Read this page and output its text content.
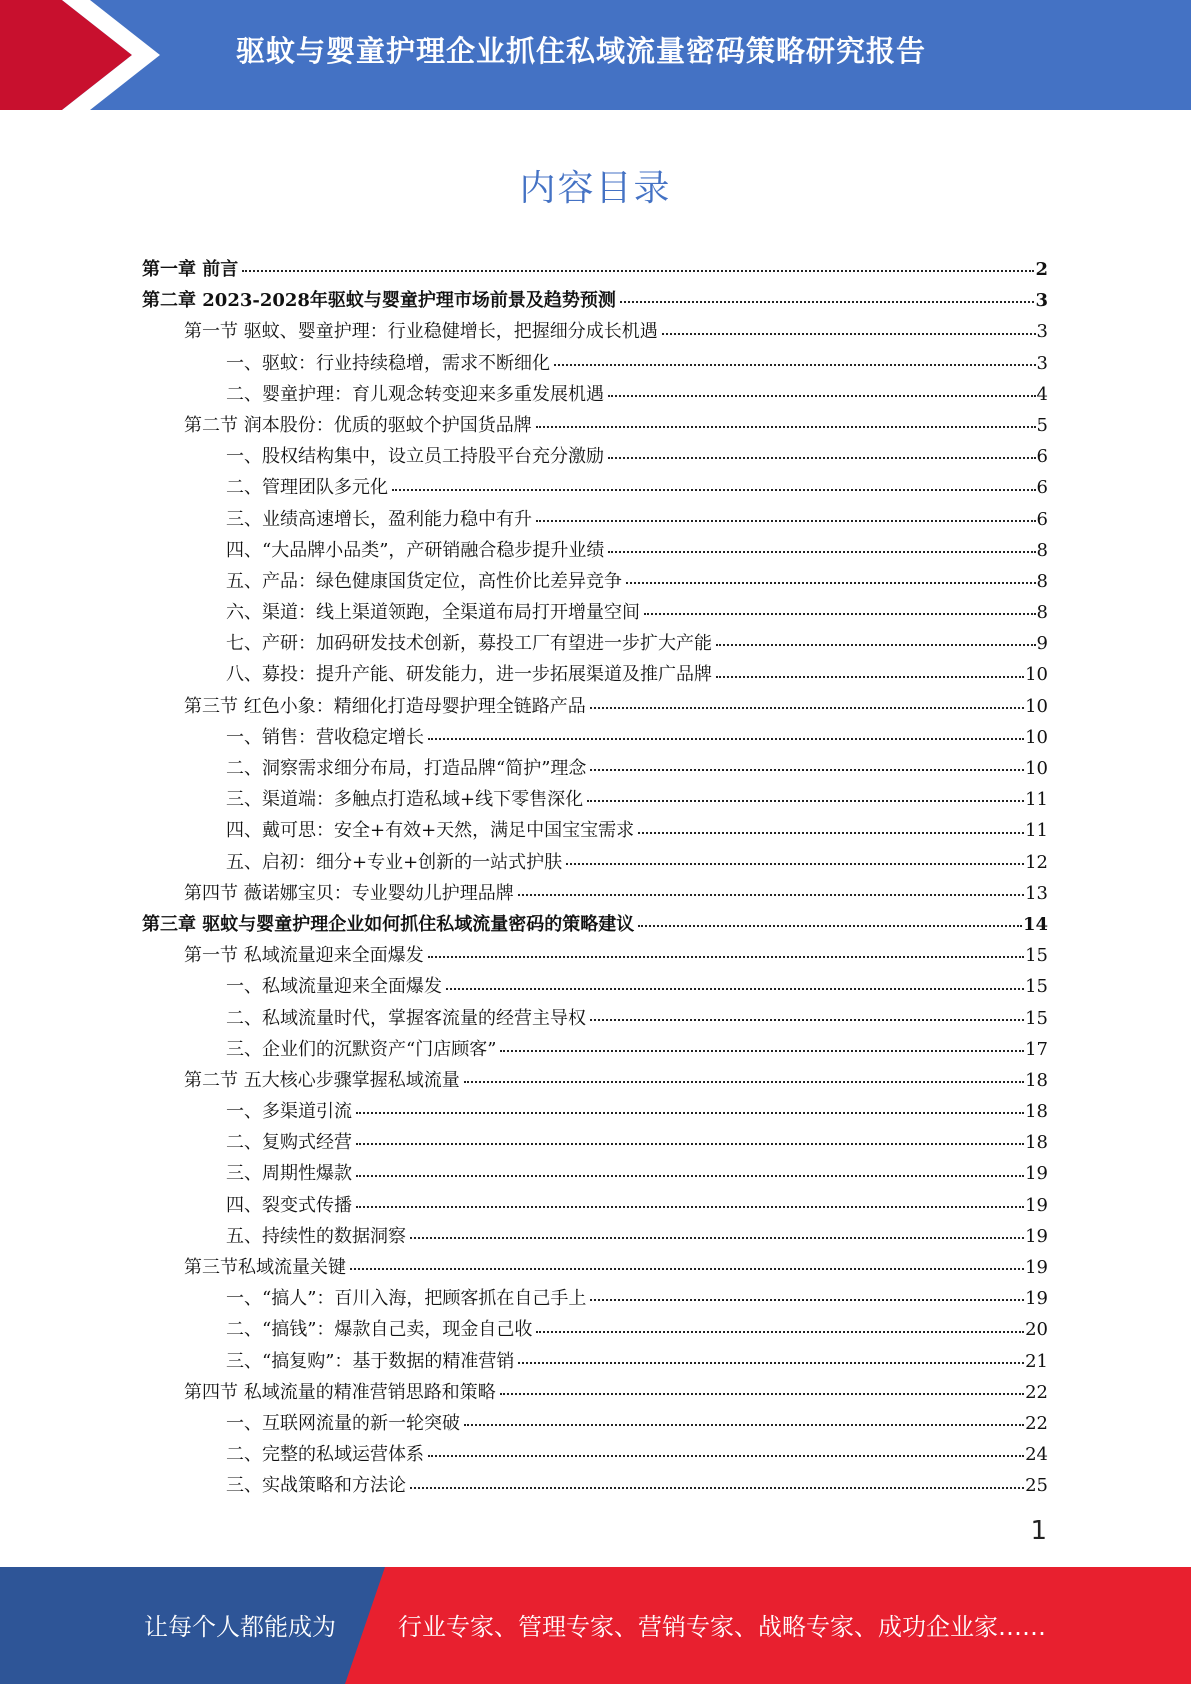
驱蚊与婴童护理企业抓住私域流量密码策略研究报告
内容目录
第一章 前言	2
第二章 2023-2028年驱蚊与婴童护理市场前景及趋势预测	3
第一节 驱蚊、婴童护理：行业稳健增长，把握细分成长机遇	3
一、驱蚊：行业持续稳增，需求不断细化	3
二、婴童护理：育儿观念转变迎来多重发展机遇	4
第二节 润本股份：优质的驱蚊个护国货品牌	5
一、股权结构集中，设立员工持股平台充分激励	6
二、管理团队多元化	6
三、业绩高速增长，盈利能力稳中有升	6
四、“大品牌小品类”，产研销融合稳步提升业绩	8
五、产品：绿色健康国货定位，高性价比差异竞争	8
六、渠道：线上渠道领跑，全渠道布局打开增量空间	8
七、产研：加码研发技术创新，募投工厂有望进一步扩大产能	9
八、募投：提升产能、研发能力，进一步拓展渠道及推广品牌	10
第三节 红色小象：精细化打造母婴护理全链路产品	10
一、销售：营收稳定增长	10
二、洞察需求细分布局，打造品牌“简护”理念	10
三、渠道端：多触点打造私域+线下零售深化	11
四、戴可思：安全+有效+天然，满足中国宝宝需求	11
五、启初：细分+专业+创新的一站式护肤	12
第四节 薇诺娜宝贝：专业婴幼儿护理品牌	13
第三章 驱蚊与婴童护理企业如何抓住私域流量密码的策略建议	14
第一节 私域流量迎来全面爆发	15
一、私域流量迎来全面爆发	15
二、私域流量时代，掌握客流量的经营主导权	15
三、企业们的沉默资产“门店顾客”	17
第二节 五大核心步骤掌握私域流量	18
一、多渠道引流	18
二、复购式经营	18
三、周期性爆款	19
四、裂变式传播	19
五、持续性的数据洞察	19
第三节私域流量关键	19
一、“搞人”：百川入海，把顾客抓在自己手上	19
二、“搞钱”：爆款自己卖，现金自己收	20
三、“搞复购”：基于数据的精准营销	21
第四节 私域流量的精准营销思路和策略	22
一、互联网流量的新一轮突破	22
二、完整的私域运营体系	24
三、实战策略和方法论	25
1
让每个人都能成为	行业专家、管理专家、营销专家、战略专家、成功企业家……
